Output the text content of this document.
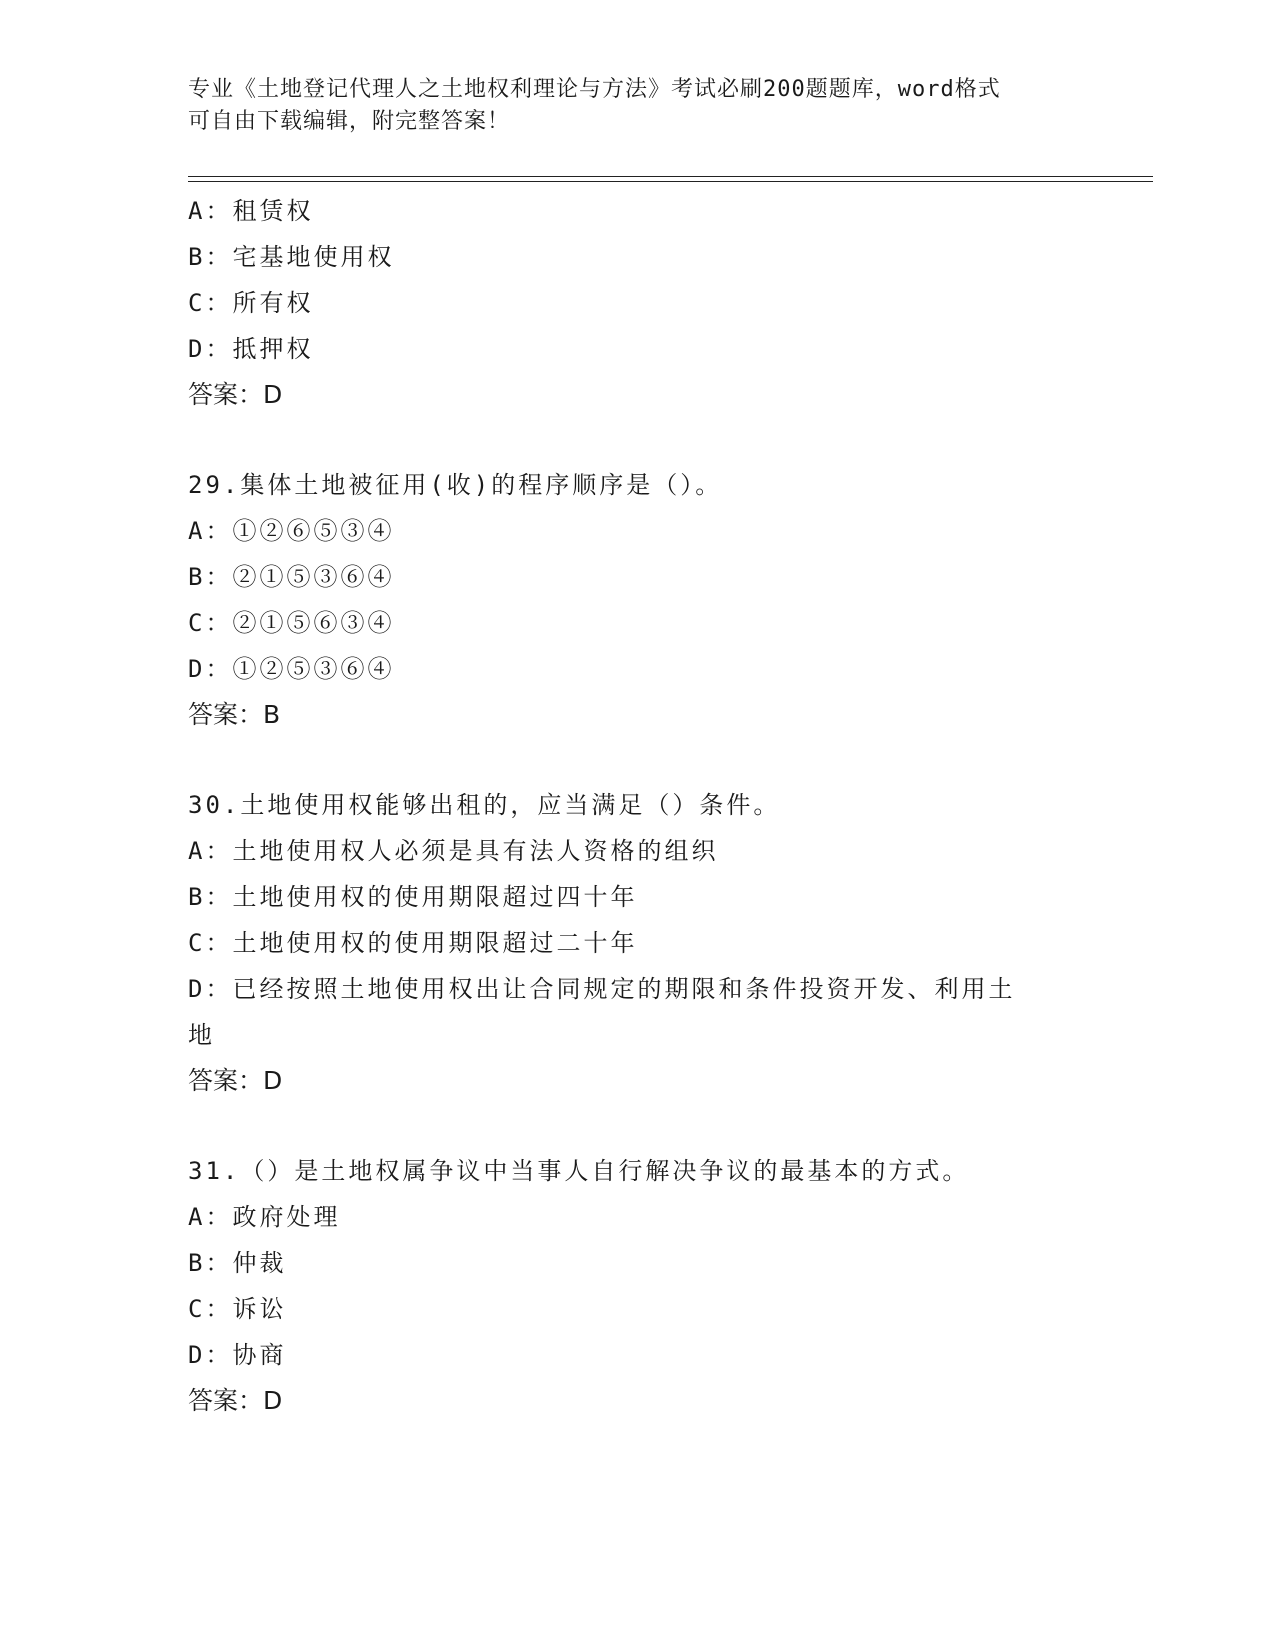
专业《土地登记代理人之土地权利理论与方法》考试必刷200题题库，word格式
可自由下载编辑，附完整答案！
A：租赁权
B：宅基地使用权
C：所有权
D：抵押权
答案：D
29.集体土地被征用(收)的程序顺序是（）。
A：①②⑥⑤③④
B：②①⑤③⑥④
C：②①⑤⑥③④
D：①②⑤③⑥④
答案：B
30.土地使用权能够出租的，应当满足（）条件。
A：土地使用权人必须是具有法人资格的组织
B：土地使用权的使用期限超过四十年
C：土地使用权的使用期限超过二十年
D：已经按照土地使用权出让合同规定的期限和条件投资开发、利用土
地
答案：D
31.（）是土地权属争议中当事人自行解决争议的最基本的方式。
A：政府处理
B：仲裁
C：诉讼
D：协商
答案：D
